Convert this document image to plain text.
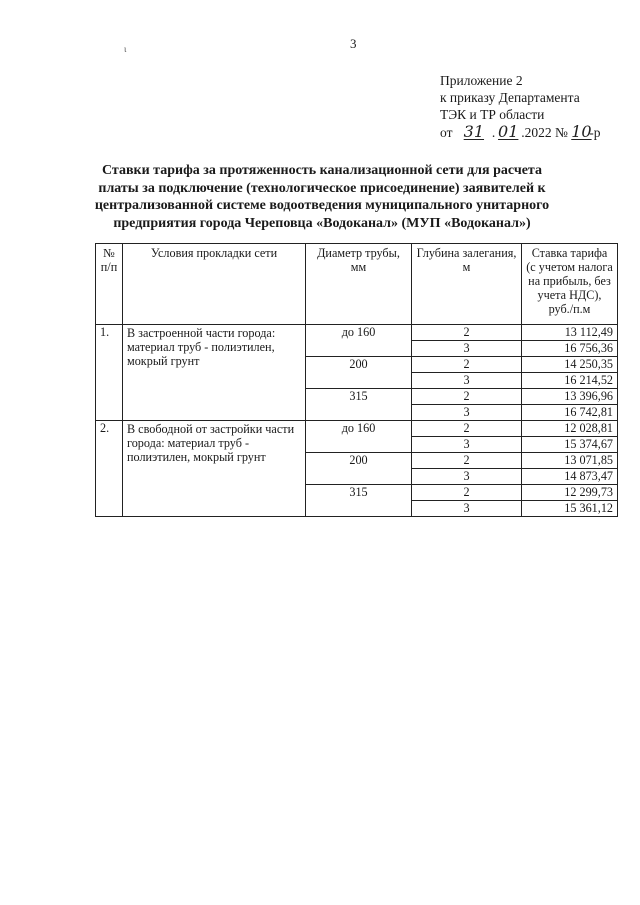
ɩ	3
Приложение 2
к приказу Департамента
ТЭК и ТР области
от 31 . 01 .2022 № 10-р
Ставки тарифа за протяженность канализационной сети для расчета платы за подключение (технологическое присоединение) заявителей к централизованной системе водоотведения муниципального унитарного предприятия города Череповца «Водоканал» (МУП «Водоканал»)
№ п/п	Условия прокладки сети	Диаметр трубы, мм	Глубина залегания, м	Ставка тарифа (с учетом налога на прибыль, без учета НДС), руб./п.м
1.	В застроенной части города: материал труб - полиэтилен, мокрый грунт	до 160	2	13 112,49
			3	16 756,36
		200	2	14 250,35
			3	16 214,52
		315	2	13 396,96
			3	16 742,81
2.	В свободной от застройки части города: материал труб - полиэтилен, мокрый грунт	до 160	2	12 028,81
			3	15 374,67
		200	2	13 071,85
			3	14 873,47
		315	2	12 299,73
			3	15 361,12
